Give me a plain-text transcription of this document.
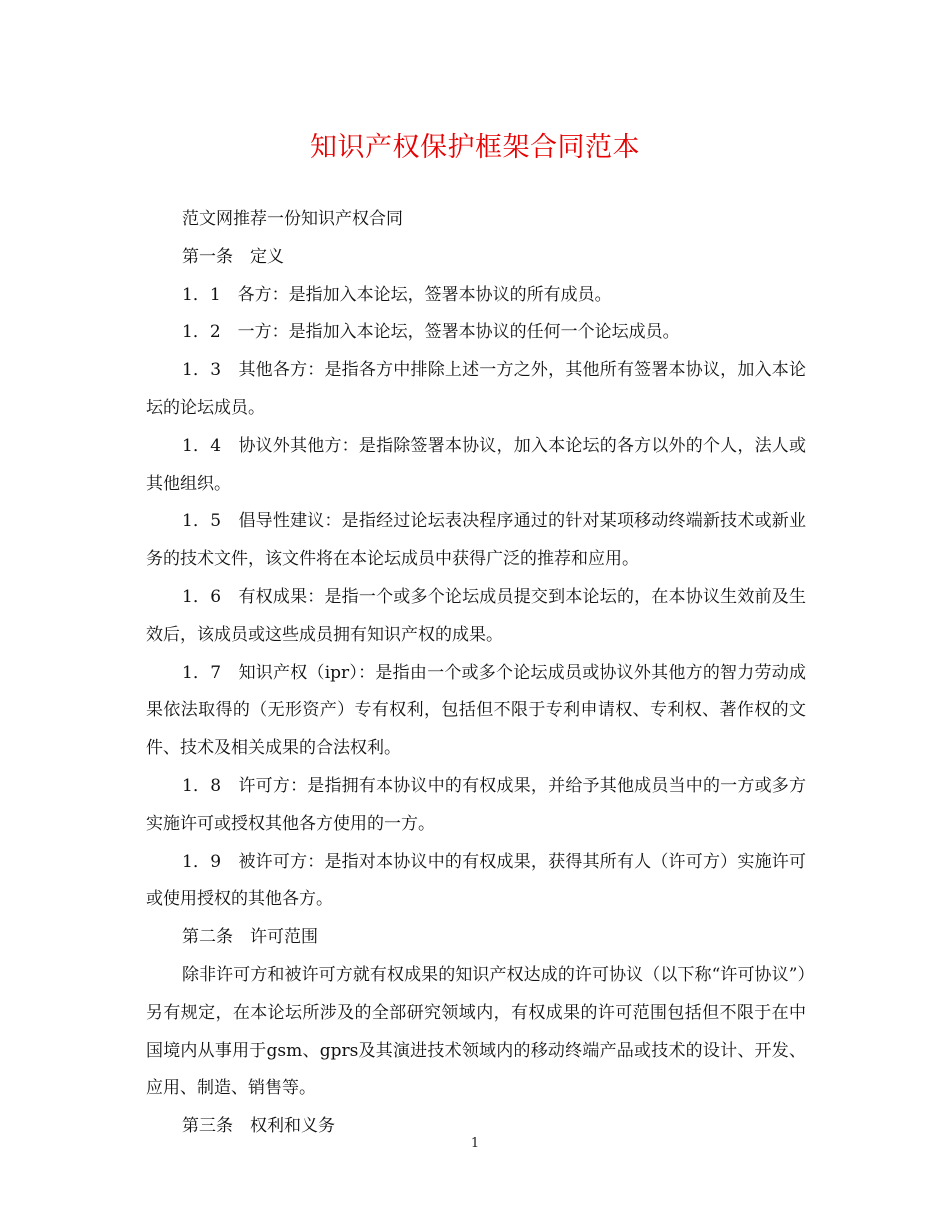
知识产权保护框架合同范本

范文网推荐一份知识产权合同

第一条　定义

1．1　各方：是指加入本论坛，签署本协议的所有成员。

1．2　一方：是指加入本论坛，签署本协议的任何一个论坛成员。

1．3　其他各方：是指各方中排除上述一方之外，其他所有签署本协议，加入本论坛的论坛成员。

1．4　协议外其他方：是指除签署本协议，加入本论坛的各方以外的个人，法人或其他组织。

1．5　倡导性建议：是指经过论坛表决程序通过的针对某项移动终端新技术或新业务的技术文件，该文件将在本论坛成员中获得广泛的推荐和应用。

1．6　有权成果：是指一个或多个论坛成员提交到本论坛的，在本协议生效前及生效后，该成员或这些成员拥有知识产权的成果。

1．7　知识产权（ipr）：是指由一个或多个论坛成员或协议外其他方的智力劳动成果依法取得的（无形资产）专有权利，包括但不限于专利申请权、专利权、著作权的文件、技术及相关成果的合法权利。

1．8　许可方：是指拥有本协议中的有权成果，并给予其他成员当中的一方或多方实施许可或授权其他各方使用的一方。

1．9　被许可方：是指对本协议中的有权成果，获得其所有人（许可方）实施许可或使用授权的其他各方。

第二条　许可范围

除非许可方和被许可方就有权成果的知识产权达成的许可协议（以下称“许可协议”）另有规定，在本论坛所涉及的全部研究领域内，有权成果的许可范围包括但不限于在中国境内从事用于gsm、gprs及其演进技术领域内的移动终端产品或技术的设计、开发、应用、制造、销售等。

第三条　权利和义务

1
